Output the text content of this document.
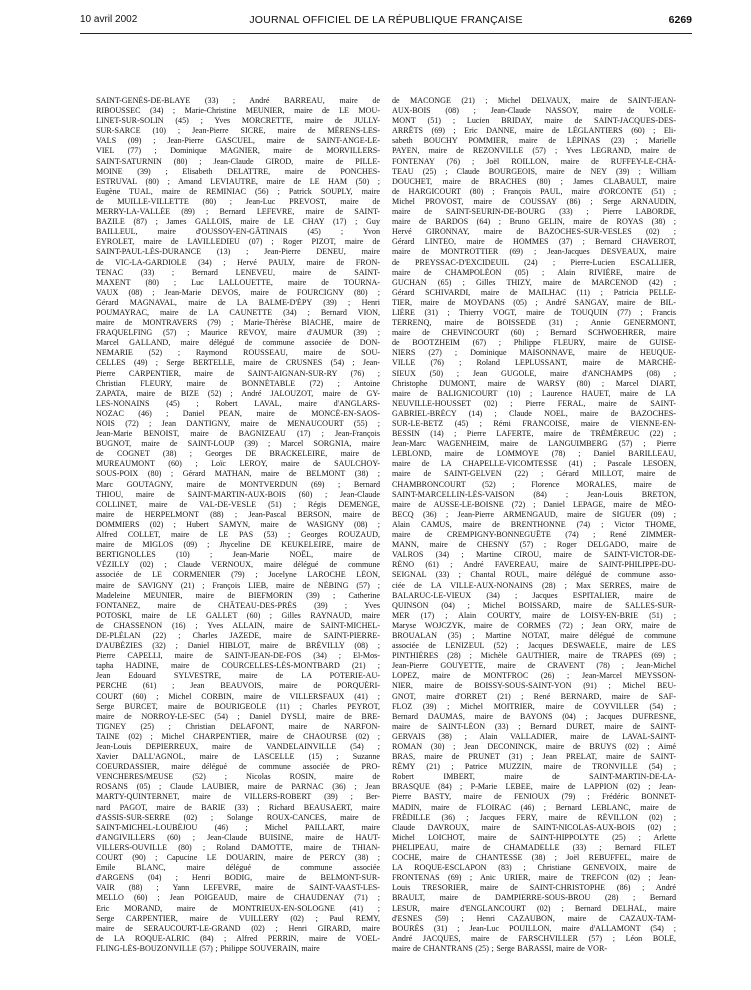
10 avril 2002	JOURNAL OFFICIEL DE LA RÉPUBLIQUE FRANÇAISE	6269
SAINT-GENÈS-DE-BLAYE (33) ; André BARREAU, maire de
RIBOUSSEC (34) ; Marie-Christine MEUNIER, maire de LE MOU-
LINET-SUR-SOLIN (45) ; Yves MORCRETTE, maire de JULLY-
SUR-SARCE (10) ; Jean-Pierre SICRE, maire de MÉRENS-LES-
VALS (09) ; Jean-Pierre GASCUEL, maire de SAINT-ANGE-LE-
VIEL (77) ; Dominique MAGNIER, maire de MORVILLERS-
SAINT-SATURNIN (80) ; Jean-Claude GIROD, maire de PILLE-
MOINE (39) ; Elisabeth DELATTRE, maire de PONCHES-
ESTRUVAL (80) ; Amand LEVIAUTRE, maire de LE HAM (50) ;
Eugène TUAL, maire de REMINIAC (56) ; Patrick SOUPLY, maire
de MUILLE-VILLETTE (80) ; Jean-Luc PREVOST, maire de
MERRY-LA-VALLÉE (89) ; Bernard LEFEVRE, maire de SAINT-
BAZILE (87) ; James GALLOIS, maire de LE CHAY (17) ; Guy
BAILLEUL, maire d'OUSSOY-EN-GÂTINAIS (45) ; Yvon
EYROLET, maire de LAVILLEDIEU (07) ; Roger PIZOT, maire de
SAINT-PAUL-LÈS-DURANCE (13) ; Jean-Pierre DENEU, maire
de VIC-LA-GARDIOLE (34) ; Hervé PAULY, maire de FRON-
TENAC (33) ; Bernard LENEVEU, maire de SAINT-
MAXENT (80) ; Luc LALLOUETTE, maire de TOURNA-
VAUX (08) ; Jean-Marie DEVOS, maire de FOURCIGNY (80) ;
Gérard MAGNAVAL, maire de LA BALME-D'ÉPY (39) ; Henri
POUMAYRAC, maire de LA CAUNETTE (34) ; Bernard VION,
maire de MONTRAVERS (79) ; Marie-Thérèse BIACHE, maire de
FRAQUELFING (57) ; Maurice REVOY, maire d'AUMUR (39) ;
Marcel GALLAND, maire délégué de commune associée de DON-
NEMARIE (52) ; Raymond ROUSSEAU, maire de SOU-
CELLES (49) ; Serge BERTELLE, maire de CRUSNES (54) ; Jean-
Pierre CARPENTIER, maire de SAINT-AIGNAN-SUR-RY (76) ;
Christian FLEURY, maire de BONNÉTABLE (72) ; Antoine
ZAPATA, maire de BIZE (52) ; André JALOUZOT, maire de GY-
LES-NONAINS (45) ; Robert LAVAL, maire d'ANGLARS-
NOZAC (46) ; Daniel PEAN, maire de MONCÉ-EN-SAOS-
NOIS (72) ; Jean DANTIGNY, maire de MENAUCOURT (55) ;
Jean-Marie BENOIST, maire de BAGNIZEAU (17) ; Jean-François
BUGNOT, maire de SAINT-LOUP (39) ; Marcel SORGNIA, maire
de COGNET (38) ; Georges DE BRACKELEIRE, maire de
MUREAUMONT (60) ; Loïc LEROY, maire de SAULCHOY-
SOUS-POIX (80) ; Gérard MATHAN, maire de BELMONT (38) ;
Marc GOUTAGNY, maire de MONTVERDUN (69) ; Bernard
THIOU, maire de SAINT-MARTIN-AUX-BOIS (60) ; Jean-Claude
COLLINET, maire de VAL-DE-VESLE (51) ; Régis DEMENGE,
maire de HERPELMONT (88) ; Jean-Pascal BERSON, maire de
DOMMIERS (02) ; Hubert SAMYN, maire de WASIGNY (08) ;
Alfred COLLET, maire de LE PAS (53) ; Georges ROUZAUD,
maire de MIGLOS (09) ; Jhyceline DE KEUKELEIRE, maire de
BERTIGNOLLES (10) ; Jean-Marie NOËL, maire de
VÉZILLY (02) ; Claude VERNOUX, maire délégué de commune
associée de LE CORMENIER (79) ; Jocelyne LAROCHE LÉON,
maire de SAVIGNY (21) ; François LIEB, maire de NÉBING (57) ;
Madeleine MEUNIER, maire de BIEFMORIN (39) ; Catherine
FONTANEZ, maire de CHÂTEAU-DES-PRÉS (39) ; Yves
POTOSKI, maire de LE GALLET (60) ; Gilles RAYNAUD, maire
de CHASSENON (16) ; Yves ALLAIN, maire de SAINT-MICHEL-
DE-PLÉLAN (22) ; Charles JAZEDE, maire de SAINT-PIERRE-
D'AUBÉZIES (32) ; Daniel HIBLOT, maire de BRÉVILLY (08) ;
Pierre CAPELLI, maire de SAINT-JEAN-DE-FOS (34) ; El-Mos-
tapha HADINE, maire de COURCELLES-LÈS-MONTBARD (21) ;
Jean Edouard SYLVESTRE, maire de LA POTERIE-AU-
PERCHE (61) ; Jean BEAUVOIS, maire de PORQUÉRI-
COURT (60) ; Michel CORBIN, maire de VILLERSFAUX (41) ;
Serge BURCET, maire de BOURIGEOLE (11) ; Charles PEYROT,
maire de NORROY-LE-SEC (54) ; Daniel DYSLI, maire de BRE-
TIGNEY (25) ; Christian DELAFONT, maire de NARFON-
TAINE (02) ; Michel CHARPENTIER, maire de CHAOURSE (02) ;
Jean-Louis DEPIERREUX, maire de VANDELAINVILLE (54) ;
Xavier DALL'AGNOL, maire de LASCELLE (15) ; Suzanne
COEURDASSIER, maire délégué de commune associée de PRO-
VENCHERES/MEUSE (52) ; Nicolas ROSIN, maire de
ROSANS (05) ; Claude LAUBIER, maire de PARNAC (36) ; Jean
MARTY-QUINTERNET, maire de VILLERS-ROBERT (39) ; Ber-
nard PAGOT, maire de BARIE (33) ; Richard BEAUSAERT, maire
d'ASSIS-SUR-SERRE (02) ; Solange ROUX-CANCES, maire de
SAINT-MICHEL-LOUBÉJOU (46) ; Michel PAILLART, maire
d'ANGIVILLERS (60) ; Jean-Claude BUISINE, maire de HAUT-
VILLERS-OUVILLE (80) ; Roland DAMOTTE, maire de THIAN-
COURT (90) ; Capucine LE DOUARIN, maire de PERCY (38) ;
Emile BLANC, maire délégué de commune associée
d'ARGENS (04) ; Henri BODIG, maire de BELMONT-SUR-
VAIR (88) ; Yann LEFEVRE, maire de SAINT-VAAST-LES-
MELLO (60) ; Jean POIGEAUD, maire de CHAUDENAY (71) ;
Eric MORAND, maire de MONTRIEUX-EN-SOLOGNE (41) ;
Serge CARPENTIER, maire de VUILLERY (02) ; Paul REMY,
maire de SERAUCOURT-LE-GRAND (02) ; Henri GIRARD, maire
de LA ROQUE-ALRIC (84) ; Alfred PERRIN, maire de VOEL-
FLING-LÈS-BOUZONVILLE (57) ; Philippe SOUVERAIN, maire
de MACONGE (21) ; Michel DELVAUX, maire de SAINT-JEAN-
AUX-BOIS (08) ; Jean-Claude NASSOY, maire de VOILE-
MONT (51) ; Lucien BRIDAY, maire de SAINT-JACQUES-DES-
ARRÊTS (69) ; Eric DANNE, maire de LÉGLANTIERS (60) ; Eli-
sabeth BOUCHY POMMIER, maire de LÉPINAS (23) ; Marielle
PAYEN, maire de REZONVILLE (57) ; Yves LEGRAND, maire de
FONTENAY (76) ; Joël ROILLON, maire de RUFFEY-LE-CHÂ-
TEAU (25) ; Claude BOURGEOIS, maire de NEY (39) ; William
DOUCHET, maire de BRACHES (80) ; James CLABAULT, maire
de HARGICOURT (80) ; François PAUL, maire d'ORCONTE (51) ;
Michel PROVOST, maire de COUSSAY (86) ; Serge ARNAUDIN,
maire de SAINT-SEURIN-DE-BOURG (33) ; Pierre LABORDE,
maire de BARDOS (64) ; Bruno GELIN, maire de ROYAS (38) ;
Hervé GIRONNAY, maire de BAZOCHES-SUR-VESLES (02) ;
Gérard LINTEO, maire de HOMMES (37) ; Bernard CHAVEROT,
maire de MONTROTTIER (69) ; Jean-Jacques DESVEAUX, maire
de PREYSSAC-D'EXCIDEUIL (24) ; Pierre-Lucien ESCALLIER,
maire de CHAMPOLÉON (05) ; Alain RIVIÈRE, maire de
GUCHAN (65) ; Gilles THIZY, maire de MARCENOD (42) ;
Gérard SCHIVARDI, maire de MAILHAC (11) ; Patricia PELLE-
TIER, maire de MOYDANS (05) ; André SANGAY, maire de BIL-
LIÈRE (31) ; Thierry VOGT, maire de TOUQUIN (77) ; Francis
TERRENQ, maire de BOISSEDE (31) ; Annie GENERMONT,
maire de CHEVINCOURT (60) ; Bernard SCHWOEHRER, maire
de BOOTZHEIM (67) ; Philippe FLEURY, maire de GUISE-
NIERS (27) ; Dominique MAISONNAVE, maire de HEUQUE-
VILLE (76) ; Roland LEPLUSSANT, maire de MARCHÉ-
SIEUX (50) ; Jean GUGOLE, maire d'ANCHAMPS (08) ;
Christophe DUMONT, maire de WARSY (80) ; Marcel DIART,
maire de BALIGNICOURT (10) ; Laurence HAUET, maire de LA
NEUVILLE-HOUSSET (02) ; Pierre FERAL, maire de SAINT-
GABRIEL-BRÉCY (14) ; Claude NOEL, maire de BAZOCHES-
SUR-LE-BETZ (45) ; Rémi FRANCOISE, maire de VIENNE-EN-
BESSIN (14) ; Pierre LAFERTE, maire de TRÉMÉREUC (22) ;
Jean-Marc WAGENHEIM, maire de LANGUIMBERG (57) ; Pierre
LEBLOND, maire de LOMMOYE (78) ; Daniel BARILLEAU,
maire de LA CHAPELLE-VICOMTESSE (41) ; Pascale LESOEN,
maire de SAINT-GELVEN (22) ; Gérard MILLOT, maire de
CHAMBRONCOURT (52) ; Florence MORALES, maire de
SAINT-MARCELLIN-LÈS-VAISON (84) ; Jean-Louis BRETON,
maire de AUSSE-LE-BOISNE (72) ; Daniel LEPAGE, maire de MÉO-
BECQ (36) ; Jean-Pierre ARMENGAUD, maire de SIGUER (09) ;
Alain CAMUS, maire de BRENTHONNE (74) ; Victor THOME,
maire de CREMPIGNY-BONNEGUÊTE (74) ; René ZIMMER-
MANN, maire de CHESNY (57) ; Roger DELGADO, maire de
VALROS (34) ; Martine CIROU, maire de SAINT-VICTOR-DE-
RÉNO (61) ; André FAVEREAU, maire de SAINT-PHILIPPE-DU-
SEIGNAL (33) ; Chantal ROUL, maire délégué de commune asso-
ciée de LA VILLE-AUX-NONAINS (28) ; Max SERRES, maire de
BALARUC-LE-VIEUX (34) ; Jacques ESPITALIER, maire de
QUINSON (04) ; Michel BOISSARD, maire de SALLES-SUR-
MER (17) ; Alain COURTY, maire de LOISY-EN-BRIE (51) ;
Maryse WOJCZYK, maire de CORMES (72) ; Jean ORY, maire de
BROUALAN (35) ; Martine NOTAT, maire délégué de commune
associée de LENIZEUL (52) ; Jacques DESWAELE, maire de LES
PINTHIÈRES (28) ; Michèle GAUTHIER, maire de TRAPES (69) ;
Jean-Pierre GOUYETTE, maire de CRAVENT (78) ; Jean-Michel
LOPEZ, maire de MONTFROC (26) ; Jean-Marcel MEYSSON-
NIER, maire de BOISSY-SOUS-SAINT-YON (91) ; Michel BEU-
GNOT, maire d'ORRET (21) ; René BERNARD, maire de SAF-
FLOZ (39) ; Michel MOITRIER, maire de COYVILLER (54) ;
Bernard DAUMAS, maire de BAYONS (04) ; Jacques DUFRESNE,
maire de SAINT-LÉON (33) ; Bernard DURET, maire de SAINT-
GERVAIS (38) ; Alain VALLADIER, maire de LAVAL-SAINT-
ROMAN (30) ; Jean DECONINCK, maire de BRUYS (02) ; Aimé
BRAS, maire de PRUNET (31) ; Jean PRELAT, maire de SAINT-
RÉMY (21) ; Patrice MUZZIN, maire de TRONVILLE (54) ;
Robert IMBERT, maire de SAINT-MARTIN-DE-LA-
BRASQUE (84) ; P-Marie LEBEE, maire de LAPPION (02) ; Jean-
Pierre BASTY, maire de FENIOUX (79) ; Frédéric BONNET-
MADIN, maire de FLOIRAC (46) ; Bernard LEBLANC, maire de
FRÉDILLE (36) ; Jacques FERY, maire de RÉVILLON (02) ;
Claude DAVROUX, maire de SAINT-NICOLAS-AUX-BOIS (02) ;
Michel LOICHOT, maire de SAINT-HIPPOLYTE (25) ; Arlette
PHELIPEAU, maire de CHAMADELLE (33) ; Bernard FILET
COCHE, maire de CHANTESSE (38) ; Joël REBUFFEL, maire de
LA ROQUE-ESCLAPON (83) ; Christiane GENEVOIX, maire de
FRONTENAS (69) ; Anic URIER, maire de TREFCON (02) ; Jean-
Louis TRESORIER, maire de SAINT-CHRISTOPHE (86) ; André
BRAULT, maire de DAMPIERRE-SOUS-BROU (28) ; Bernard
LESUR, maire d'ENGLANCOURT (02) ; Bernard DELHAL, maire
d'ESNES (59) ; Henri CAZAUBON, maire de CAZAUX-TAM-
BOURÈS (31) ; Jean-Luc POUILLON, maire d'ALLAMONT (54) ;
André JACQUES, maire de FARSCHVILLER (57) ; Léon BOLE,
maire de CHANTRANS (25) ; Serge BARASSI, maire de VOR-
